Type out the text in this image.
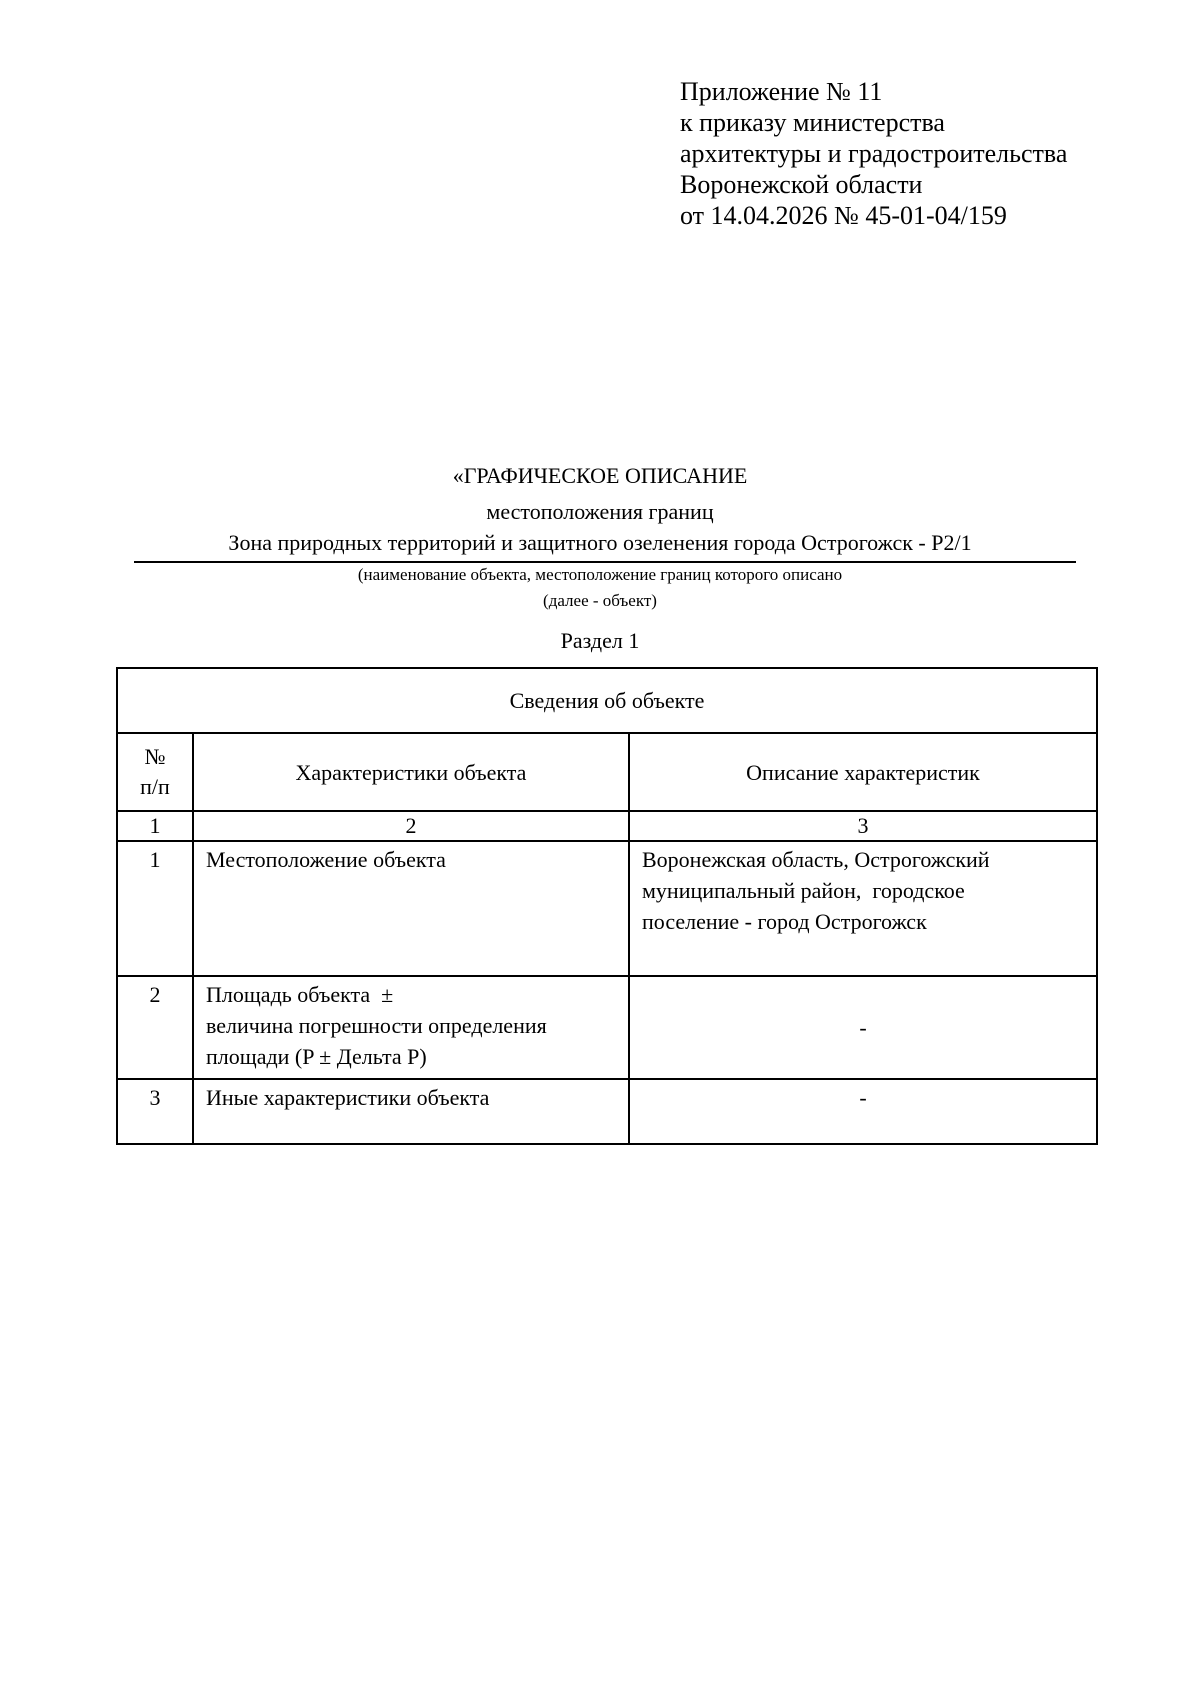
Приложение № 11
к приказу министерства
архитектуры и градостроительства
Воронежской области
от 14.04.2026 № 45-01-04/159
«ГРАФИЧЕСКОЕ ОПИСАНИЕ
местоположения границ
Зона природных территорий и защитного озеленения города Острогожск - Р2/1
(наименование объекта, местоположение границ которого описано
(далее - объект)
Раздел 1
Сведения об объекте		

№
п/п	Характеристики объекта	Описание характеристик
1	2	3
1	Местоположение объекта	Воронежская область, Острогожский
муниципальный район,  городское
поселение - город Острогожск

2	Площадь объекта  ±
величина погрешности определения
площади (P ± Дельта P)	-
3	Иные характеристики объекта	-
